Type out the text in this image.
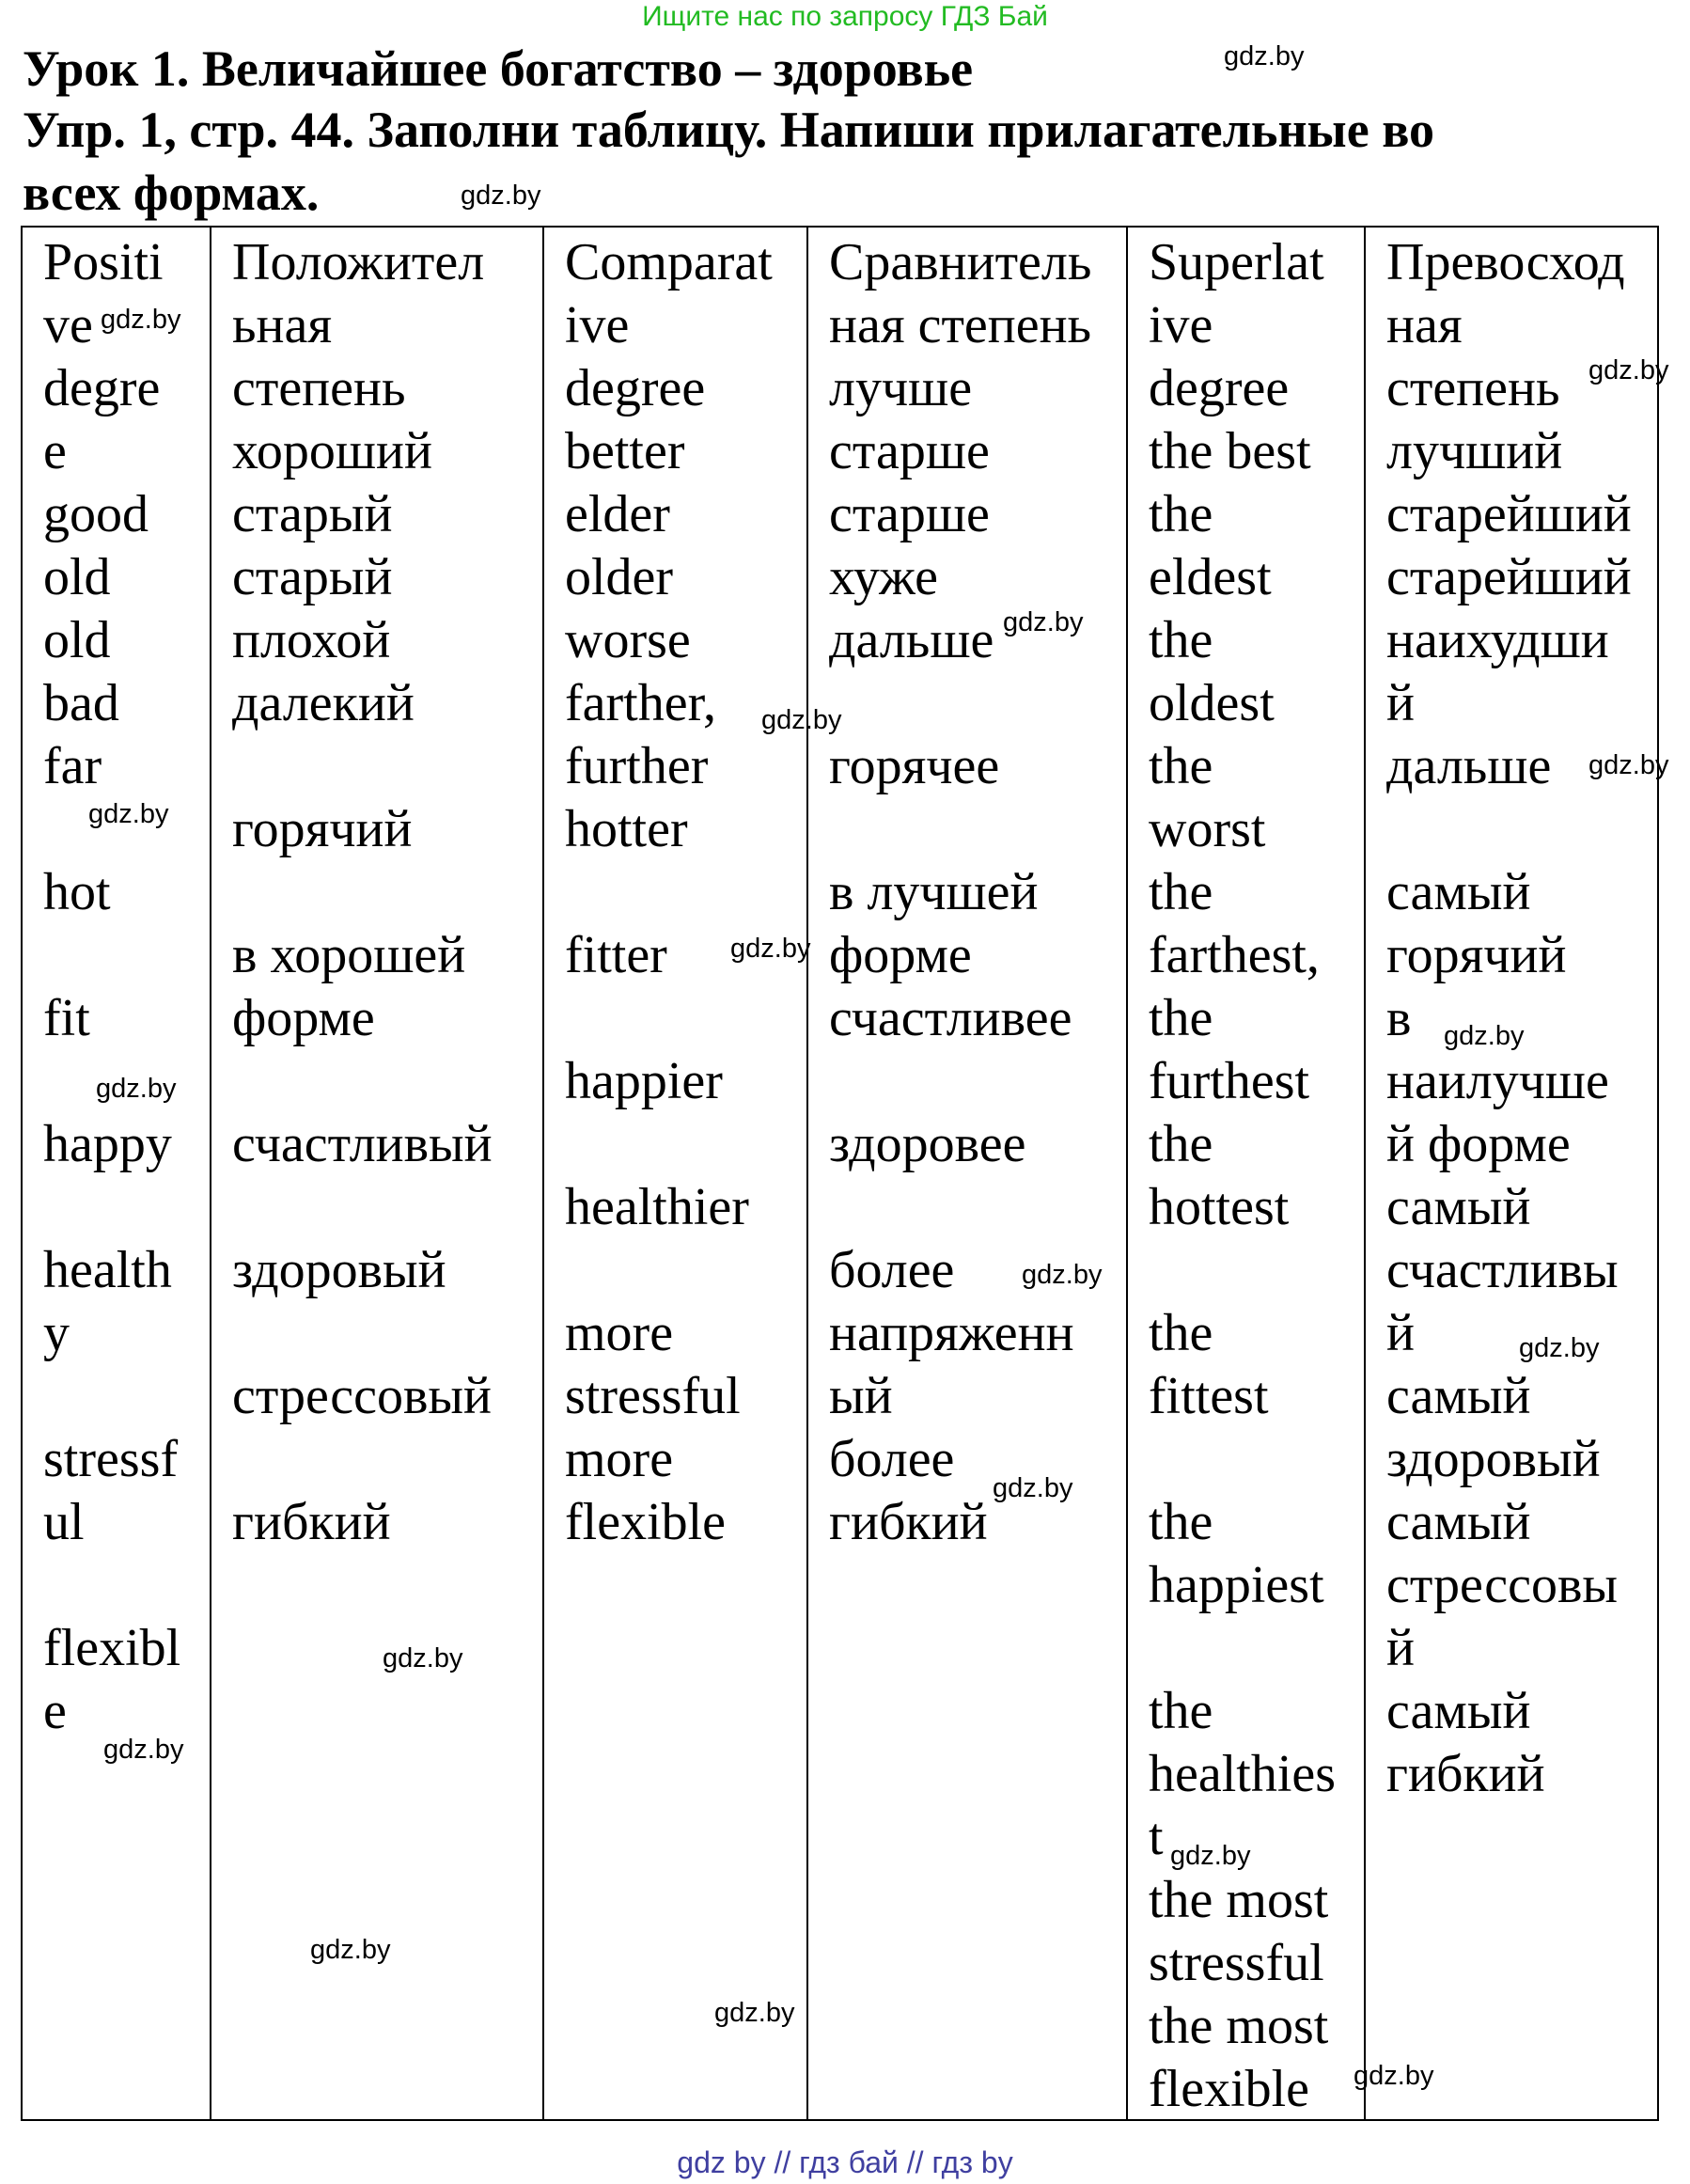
Ищите нас по запросу ГДЗ Бай
Урок 1. Величайшее богатство – здоровье
Упр. 1, стр. 44. Заполни таблицу. Напиши прилагательные во
всех формах.
gdz.by
gdz.by
Positi
ve
degre
e
good
old
old
bad
far

hot

fit

happy

health
y

stressf
ul

flexibl
e
Положител
ьная
степень
хороший
старый
старый
плохой
далекий

горячий

в хорошей
форме

счастливый

здоровый

стрессовый

гибкий
Comparat
ive
degree
better
elder
older
worse
farther,
further
hotter

fitter

happier

healthier

more
stressful
more
flexible
Сравнитель
ная степень
лучше
старше
старше
хуже
дальше

горячее

в лучшей
форме
счастливее

здоровее

более
напряженн
ый
более
гибкий
Superlat
ive
degree
the best
the
eldest
the
oldest
the
worst
the
farthest,
the
furthest
the
hottest

the
fittest

the
happiest

the
healthies
t
the most
stressful
the most
flexible
Превосход
ная
степень
лучший
старейший
старейший
наихудши
й
дальше

самый
горячий
в
наилучше
й форме
самый
счастливы
й
самый
здоровый
самый
стрессовы
й
самый
гибкий
gdz.by
gdz.by
gdz.by
gdz.by
gdz.by
gdz.by
gdz.by
gdz.by
gdz.by
gdz.by
gdz.by
gdz.by
gdz.by
gdz.by
gdz.by
gdz.by
gdz.by
gdz.by
gdz by // гдз бай // гдз by
